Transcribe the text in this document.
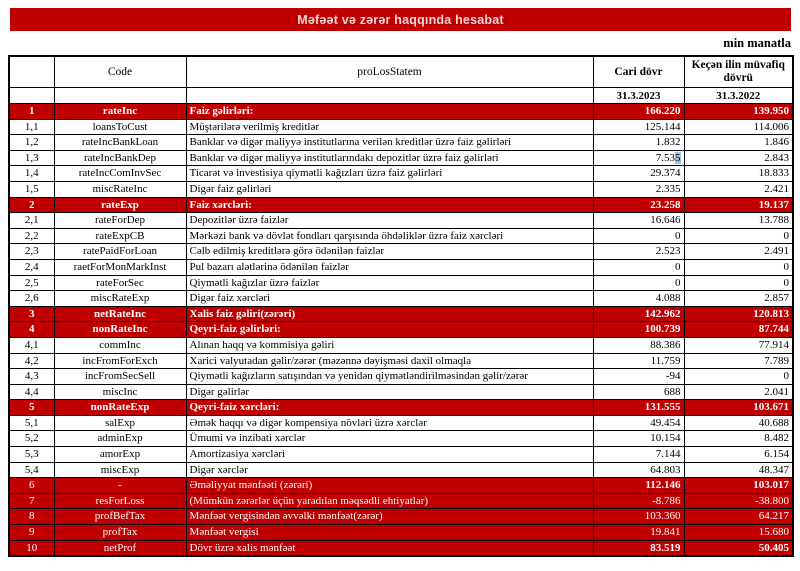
Məfəət və zərər haqqında hesabat
min manatla
	Code	proLosStatem	Cari dövr	Keçən ilin müvafiq dövrü
			31.3.2023	31.3.2022
1	rateInc	Faiz gəlirləri:	166.220	139.950
1,1	loansToCust	Müştərilərə verilmiş kreditlər	125.144	114.006
1,2	rateIncBankLoan	Banklar və digər maliyyə institutlarına verilən kreditlər üzrə faiz gəlirləri	1.832	1.846
1,3	rateIncBankDep	Banklar və digər maliyyə institutlarındakı depozitlər üzrə faiz gəlirləri	7.535	2.843
1,4	rateIncComInvSec	Ticarət və investisiya qiymətli kağızları üzrə faiz gəlirləri	29.374	18.833
1,5	miscRateInc	Digər faiz gəlirləri	2.335	2.421
2	rateExp	Faiz xərcləri:	23.258	19.137
2,1	rateForDep	Depozitlər üzrə faizlər	16.646	13.788
2,2	rateExpCB	Mərkəzi bank və dövlət fondları qarşısında öhdəliklər üzrə faiz xərcləri	0	0
2,3	ratePaidForLoan	Cəlb edilmiş kreditlərə görə ödənilən faizlər	2.523	2.491
2,4	raetForMonMarkInst	Pul bazarı alətlərinə ödənilən faizlər	0	0
2,5	rateForSec	Qiymətli kağızlar üzrə faizlər	0	0
2,6	miscRateExp	Digər faiz xərcləri	4.088	2.857
3	netRateInc	Xalis faiz gəliri(zərəri)	142.962	120.813
4	nonRateInc	Qeyri-faiz gəlirləri:	100.739	87.744
4,1	commInc	Alınan haqq və kommisiya gəliri	88.386	77.914
4,2	incFromForExch	Xarici valyutadan gəlir/zərər (məzənnə dəyişməsi daxil olmaqla	11.759	7.789
4,3	incFromSecSell	Qiymətli kağızların satışından və yenidən qiymətləndirilməsindən gəlir/zərər	-94	0
4,4	miscInc	Digər gəlirlər	688	2.041
5	nonRateExp	Qeyri-faiz xərcləri:	131.555	103.671
5,1	salExp	Əmək haqqı və digər kompensiya növləri üzrə xərclər	49.454	40.688
5,2	adminExp	Ümumi və inzibati xərclər	10.154	8.482
5,3	amorExp	Amortizasiya xərcləri	7.144	6.154
5,4	miscExp	Digər xərclər	64.803	48.347
6	-	Əməliyyat mənfəəti (zərəri)	112.146	103.017
7	resForLoss	(Mümkün zərərlər üçün yaradılan məqsədli ehtiyatlar)	-8.786	-38.800
8	profBefTax	Mənfəət vergisindən əvvəlki mənfəət(zərər)	103.360	64.217
9	profTax	Mənfəət vergisi	19.841	15.680
10	netProf	Dövr üzrə xalis mənfəət	83.519	50.405
